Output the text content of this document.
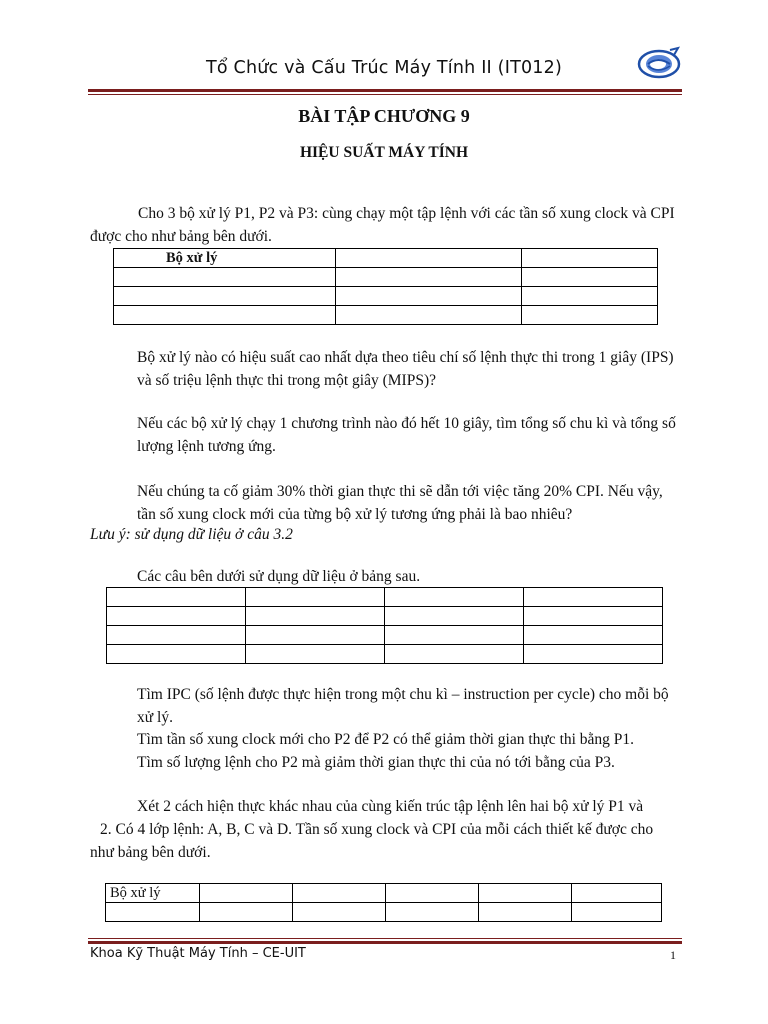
Tổ Chức và Cấu Trúc Máy Tính II (IT012)
BÀI TẬP CHƯƠNG 9
HIỆU SUẤT MÁY TÍNH
Cho 3 bộ xử lý P1, P2 và P3: cùng chạy một tập lệnh với các tần số xung clock và CPI được cho như bảng bên dưới.
Bộ xử lý		

Bộ xử lý nào có hiệu suất cao nhất dựa theo tiêu chí số lệnh thực thi trong 1 giây (IPS) và số triệu lệnh thực thi trong một giây (MIPS)?
Nếu các bộ xử lý chạy 1 chương trình nào đó hết 10 giây, tìm tổng số chu kì và tổng số lượng lệnh tương ứng.
Nếu chúng ta cố giảm 30% thời gian thực thi sẽ dẫn tới việc tăng 20% CPI. Nếu vậy, tần số xung clock mới của từng bộ xử lý tương ứng phải là bao nhiêu?
Lưu ý: sử dụng dữ liệu ở câu 3.2
Các câu bên dưới sử dụng dữ liệu ở bảng sau.

Tìm IPC (số lệnh được thực hiện trong một chu kì – instruction per cycle) cho mỗi bộ xử lý.
Tìm tần số xung clock mới cho P2 để P2 có thể giảm thời gian thực thi bằng P1.
Tìm số lượng lệnh cho P2 mà giảm thời gian thực thi của nó tới bằng của P3.
Xét 2 cách hiện thực khác nhau của cùng kiến trúc tập lệnh lên hai bộ xử lý P1 và
2. Có 4 lớp lệnh: A, B, C và D. Tần số xung clock và CPI của mỗi cách thiết kế được cho như bảng bên dưới.
Bộ xử lý					

Khoa Kỹ Thuật Máy Tính – CE-UIT	1
